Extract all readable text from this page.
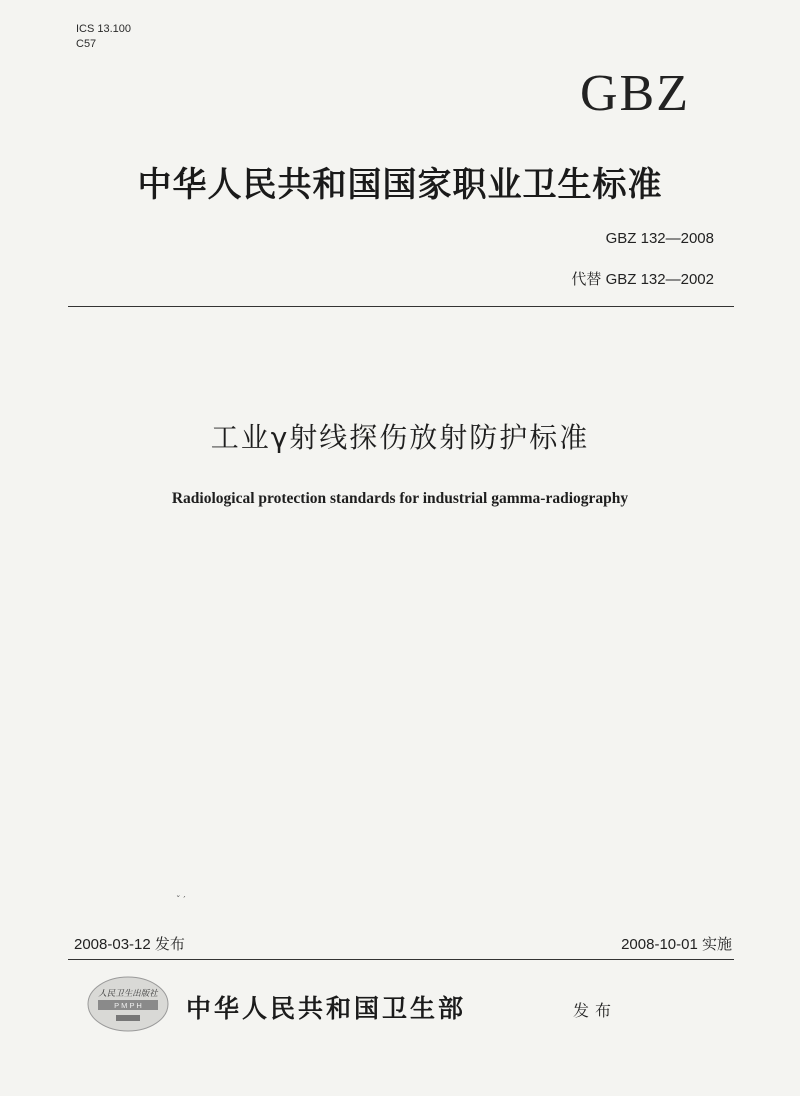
ICS 13.100
C57
GBZ
中华人民共和国国家职业卫生标准
GBZ 132—2008
代替 GBZ 132—2002
工业γ射线探伤放射防护标准
Radiological protection standards for industrial gamma-radiography
ˇ ′
2008-03-12 发布	2008-10-01 实施
人民卫生出版社
P M P H 中华人民共和国卫生部	发布
